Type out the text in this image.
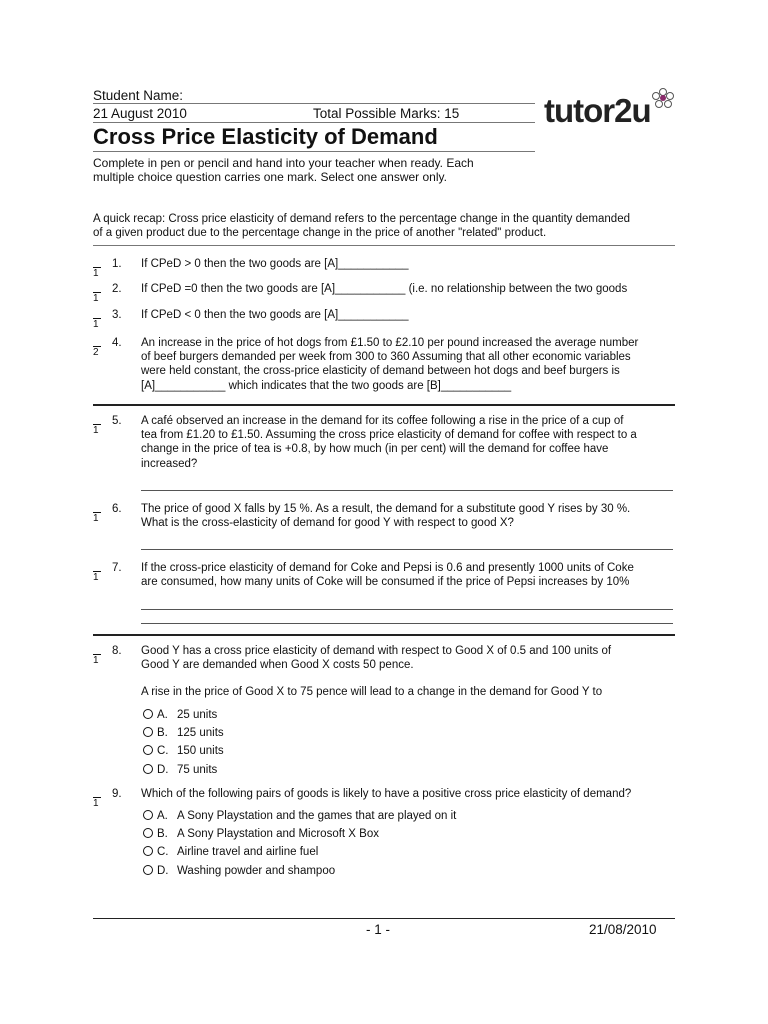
Student Name:
21 August 2010	Total Possible Marks: 15
Cross Price Elasticity of Demand
Complete in pen or pencil and hand into your teacher when ready. Each
multiple choice question carries one mark. Select one answer only.
tutor2u
A quick recap: Cross price elasticity of demand refers to the percentage change in the quantity demanded
of a given product due to the percentage change in the price of another "related" product.
1
1. If CPeD > 0 then the two goods are [A]___________
1
2. If CPeD =0 then the two goods are [A]___________ (i.e. no relationship between the two goods
1
3. If CPeD < 0 then the two goods are [A]___________
2
4. An increase in the price of hot dogs from £1.50 to £2.10 per pound increased the average number
of beef burgers demanded per week from 300 to 360 Assuming that all other economic variables
were held constant, the cross-price elasticity of demand between hot dogs and beef burgers is
[A]___________ which indicates that the two goods are [B]___________
1
5. A café observed an increase in the demand for its coffee following a rise in the price of a cup of
tea from £1.20 to £1.50. Assuming the cross price elasticity of demand for coffee with respect to a
change in the price of tea is +0.8, by how much (in per cent) will the demand for coffee have
increased?
1
6. The price of good X falls by 15 %. As a result, the demand for a substitute good Y rises by 30 %.
What is the cross-elasticity of demand for good Y with respect to good X?
1
7. If the cross-price elasticity of demand for Coke and Pepsi is 0.6 and presently 1000 units of Coke
are consumed, how many units of Coke will be consumed if the price of Pepsi increases by 10%
1
8. Good Y has a cross price elasticity of demand with respect to Good X of 0.5 and 100 units of
Good Y are demanded when Good X costs 50 pence.
A rise in the price of Good X to 75 pence will lead to a change in the demand for Good Y to
A. 25 units
B. 125 units
C. 150 units
D. 75 units
1
9. Which of the following pairs of goods is likely to have a positive cross price elasticity of demand?
A. A Sony Playstation and the games that are played on it
B. A Sony Playstation and Microsoft X Box
C. Airline travel and airline fuel
D. Washing powder and shampoo
- 1 -	21/08/2010
